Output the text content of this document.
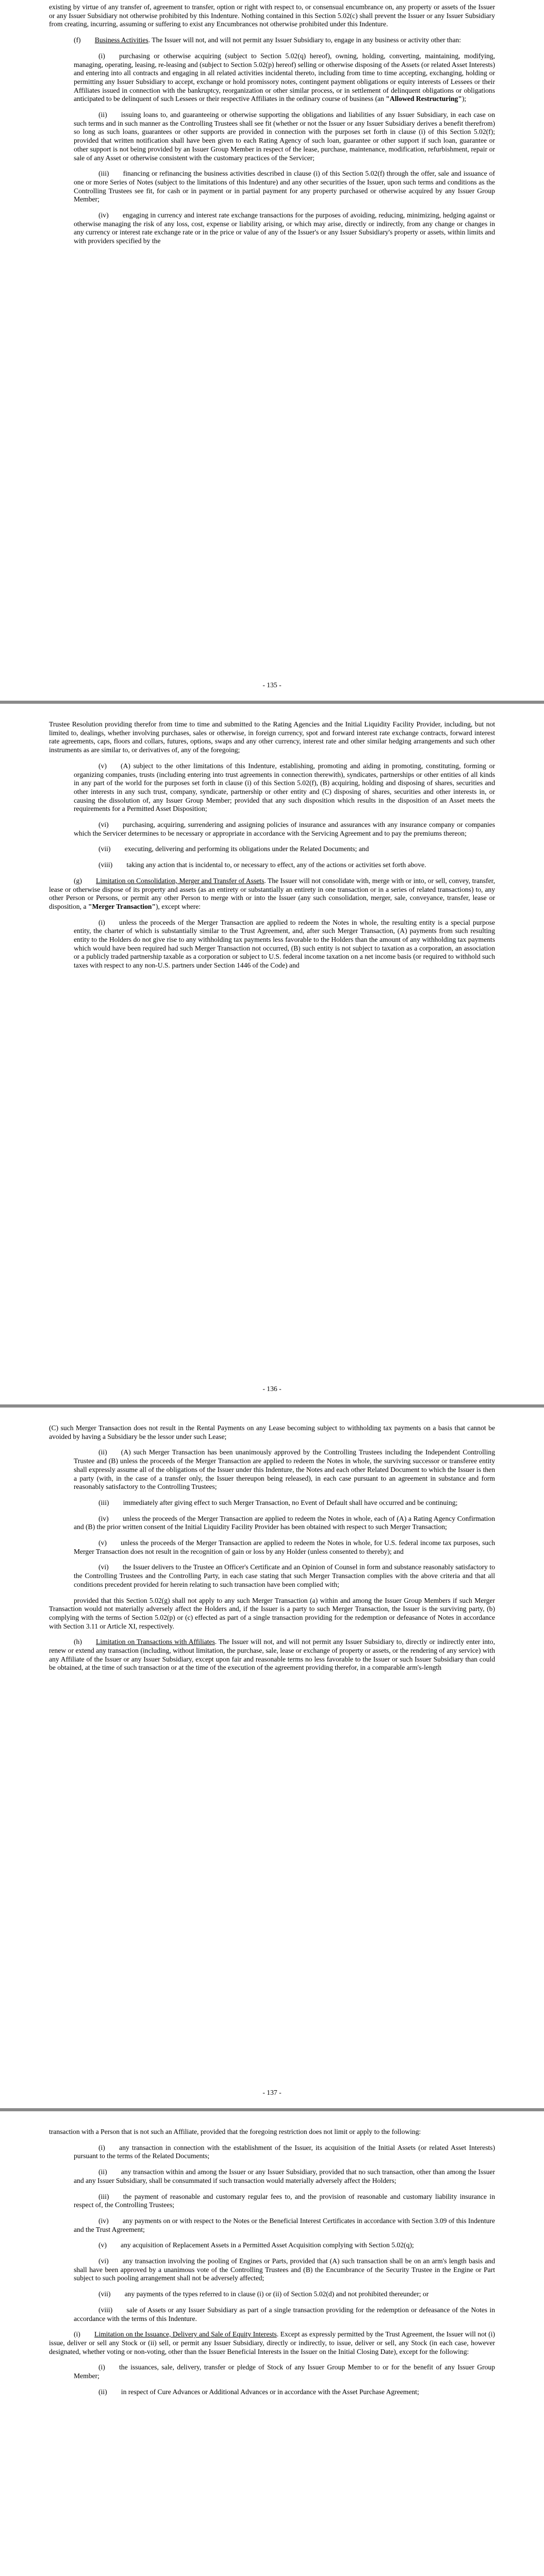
existing by virtue of any transfer of, agreement to transfer, option or right with respect to, or consensual encumbrance on, any property or assets of the Issuer or any Issuer Subsidiary not otherwise prohibited by this Indenture. Nothing contained in this Section 5.02(c) shall prevent the Issuer or any Issuer Subsidiary from creating, incurring, assuming or suffering to exist any Encumbrances not otherwise prohibited under this Indenture.

(f)   Business Activities. The Issuer will not, and will not permit any Issuer Subsidiary to, engage in any business or activity other than:

(i)   purchasing or otherwise acquiring (subject to Section 5.02(q) hereof), owning, holding, converting, maintaining, modifying, managing, operating, leasing, re-leasing and (subject to Section 5.02(p) hereof) selling or otherwise disposing of the Assets (or related Asset Interests) and entering into all contracts and engaging in all related activities incidental thereto, including from time to time accepting, exchanging, holding or permitting any Issuer Subsidiary to accept, exchange or hold promissory notes, contingent payment obligations or equity interests of Lessees or their Affiliates issued in connection with the bankruptcy, reorganization or other similar process, or in settlement of delinquent obligations or obligations anticipated to be delinquent of such Lessees or their respective Affiliates in the ordinary course of business (an "Allowed Restructuring");

(ii)   issuing loans to, and guaranteeing or otherwise supporting the obligations and liabilities of any Issuer Subsidiary, in each case on such terms and in such manner as the Controlling Trustees shall see fit (whether or not the Issuer or any Issuer Subsidiary derives a benefit therefrom) so long as such loans, guarantees or other supports are provided in connection with the purposes set forth in clause (i) of this Section 5.02(f); provided that written notification shall have been given to each Rating Agency of such loan, guarantee or other support if such loan, guarantee or other support is not being provided by an Issuer Group Member in respect of the lease, purchase, maintenance, modification, refurbishment, repair or sale of any Asset or otherwise consistent with the customary practices of the Servicer;

(iii)   financing or refinancing the business activities described in clause (i) of this Section 5.02(f) through the offer, sale and issuance of one or more Series of Notes (subject to the limitations of this Indenture) and any other securities of the Issuer, upon such terms and conditions as the Controlling Trustees see fit, for cash or in payment or in partial payment for any property purchased or otherwise acquired by any Issuer Group Member;

(iv)   engaging in currency and interest rate exchange transactions for the purposes of avoiding, reducing, minimizing, hedging against or otherwise managing the risk of any loss, cost, expense or liability arising, or which may arise, directly or indirectly, from any change or changes in any currency or interest rate exchange rate or in the price or value of any of the Issuer's or any Issuer Subsidiary's property or assets, within limits and with providers specified by the

- 135 -

Trustee Resolution providing therefor from time to time and submitted to the Rating Agencies and the Initial Liquidity Facility Provider, including, but not limited to, dealings, whether involving purchases, sales or otherwise, in foreign currency, spot and forward interest rate exchange contracts, forward interest rate agreements, caps, floors and collars, futures, options, swaps and any other currency, interest rate and other similar hedging arrangements and such other instruments as are similar to, or derivatives of, any of the foregoing;

(v)   (A) subject to the other limitations of this Indenture, establishing, promoting and aiding in promoting, constituting, forming or organizing companies, trusts (including entering into trust agreements in connection therewith), syndicates, partnerships or other entities of all kinds in any part of the world for the purposes set forth in clause (i) of this Section 5.02(f), (B) acquiring, holding and disposing of shares, securities and other interests in any such trust, company, syndicate, partnership or other entity and (C) disposing of shares, securities and other interests in, or causing the dissolution of, any Issuer Group Member; provided that any such disposition which results in the disposition of an Asset meets the requirements for a Permitted Asset Disposition;

(vi)   purchasing, acquiring, surrendering and assigning policies of insurance and assurances with any insurance company or companies which the Servicer determines to be necessary or appropriate in accordance with the Servicing Agreement and to pay the premiums thereon;

(vii)   executing, delivering and performing its obligations under the Related Documents; and

(viii)   taking any action that is incidental to, or necessary to effect, any of the actions or activities set forth above.

(g)   Limitation on Consolidation, Merger and Transfer of Assets. The Issuer will not consolidate with, merge with or into, or sell, convey, transfer, lease or otherwise dispose of its property and assets (as an entirety or substantially an entirety in one transaction or in a series of related transactions) to, any other Person or Persons, or permit any other Person to merge with or into the Issuer (any such consolidation, merger, sale, conveyance, transfer, lease or disposition, a "Merger Transaction"), except where:

(i)   unless the proceeds of the Merger Transaction are applied to redeem the Notes in whole, the resulting entity is a special purpose entity, the charter of which is substantially similar to the Trust Agreement, and, after such Merger Transaction, (A) payments from such resulting entity to the Holders do not give rise to any withholding tax payments less favorable to the Holders than the amount of any withholding tax payments which would have been required had such Merger Transaction not occurred, (B) such entity is not subject to taxation as a corporation, an association or a publicly traded partnership taxable as a corporation or subject to U.S. federal income taxation on a net income basis (or required to withhold such taxes with respect to any non-U.S. partners under Section 1446 of the Code) and

- 136 -

(C) such Merger Transaction does not result in the Rental Payments on any Lease becoming subject to withholding tax payments on a basis that cannot be avoided by having a Subsidiary be the lessor under such Lease;

(ii)   (A) such Merger Transaction has been unanimously approved by the Controlling Trustees including the Independent Controlling Trustee and (B) unless the proceeds of the Merger Transaction are applied to redeem the Notes in whole, the surviving successor or transferee entity shall expressly assume all of the obligations of the Issuer under this Indenture, the Notes and each other Related Document to which the Issuer is then a party (with, in the case of a transfer only, the Issuer thereupon being released), in each case pursuant to an agreement in substance and form reasonably satisfactory to the Controlling Trustees;

(iii)   immediately after giving effect to such Merger Transaction, no Event of Default shall have occurred and be continuing;

(iv)   unless the proceeds of the Merger Transaction are applied to redeem the Notes in whole, each of (A) a Rating Agency Confirmation and (B) the prior written consent of the Initial Liquidity Facility Provider has been obtained with respect to such Merger Transaction;

(v)   unless the proceeds of the Merger Transaction are applied to redeem the Notes in whole, for U.S. federal income tax purposes, such Merger Transaction does not result in the recognition of gain or loss by any Holder (unless consented to thereby); and

(vi)   the Issuer delivers to the Trustee an Officer's Certificate and an Opinion of Counsel in form and substance reasonably satisfactory to the Controlling Trustees and the Controlling Party, in each case stating that such Merger Transaction complies with the above criteria and that all conditions precedent provided for herein relating to such transaction have been complied with;

provided that this Section 5.02(g) shall not apply to any such Merger Transaction (a) within and among the Issuer Group Members if such Merger Transaction would not materially adversely affect the Holders and, if the Issuer is a party to such Merger Transaction, the Issuer is the surviving party, (b) complying with the terms of Section 5.02(p) or (c) effected as part of a single transaction providing for the redemption or defeasance of Notes in accordance with Section 3.11 or Article XI, respectively.

(h)   Limitation on Transactions with Affiliates. The Issuer will not, and will not permit any Issuer Subsidiary to, directly or indirectly enter into, renew or extend any transaction (including, without limitation, the purchase, sale, lease or exchange of property or assets, or the rendering of any service) with any Affiliate of the Issuer or any Issuer Subsidiary, except upon fair and reasonable terms no less favorable to the Issuer or such Issuer Subsidiary than could be obtained, at the time of such transaction or at the time of the execution of the agreement providing therefor, in a comparable arm's-length

- 137 -

transaction with a Person that is not such an Affiliate, provided that the foregoing restriction does not limit or apply to the following:

(i)   any transaction in connection with the establishment of the Issuer, its acquisition of the Initial Assets (or related Asset Interests) pursuant to the terms of the Related Documents;

(ii)   any transaction within and among the Issuer or any Issuer Subsidiary, provided that no such transaction, other than among the Issuer and any Issuer Subsidiary, shall be consummated if such transaction would materially adversely affect the Holders;

(iii)   the payment of reasonable and customary regular fees to, and the provision of reasonable and customary liability insurance in respect of, the Controlling Trustees;

(iv)   any payments on or with respect to the Notes or the Beneficial Interest Certificates in accordance with Section 3.09 of this Indenture and the Trust Agreement;

(v)   any acquisition of Replacement Assets in a Permitted Asset Acquisition complying with Section 5.02(q);

(vi)   any transaction involving the pooling of Engines or Parts, provided that (A) such transaction shall be on an arm's length basis and shall have been approved by a unanimous vote of the Controlling Trustees and (B) the Encumbrance of the Security Trustee in the Engine or Part subject to such pooling arrangement shall not be adversely affected;

(vii)   any payments of the types referred to in clause (i) or (ii) of Section 5.02(d) and not prohibited thereunder; or

(viii)   sale of Assets or any Issuer Subsidiary as part of a single transaction providing for the redemption or defeasance of the Notes in accordance with the terms of this Indenture.

(i)   Limitation on the Issuance, Delivery and Sale of Equity Interests. Except as expressly permitted by the Trust Agreement, the Issuer will not (i) issue, deliver or sell any Stock or (ii) sell, or permit any Issuer Subsidiary, directly or indirectly, to issue, deliver or sell, any Stock (in each case, however designated, whether voting or non-voting, other than the Issuer Beneficial Interests in the Issuer on the Initial Closing Date), except for the following:

(i)   the issuances, sale, delivery, transfer or pledge of Stock of any Issuer Group Member to or for the benefit of any Issuer Group Member;

(ii)   in respect of Cure Advances or Additional Advances or in accordance with the Asset Purchase Agreement;
